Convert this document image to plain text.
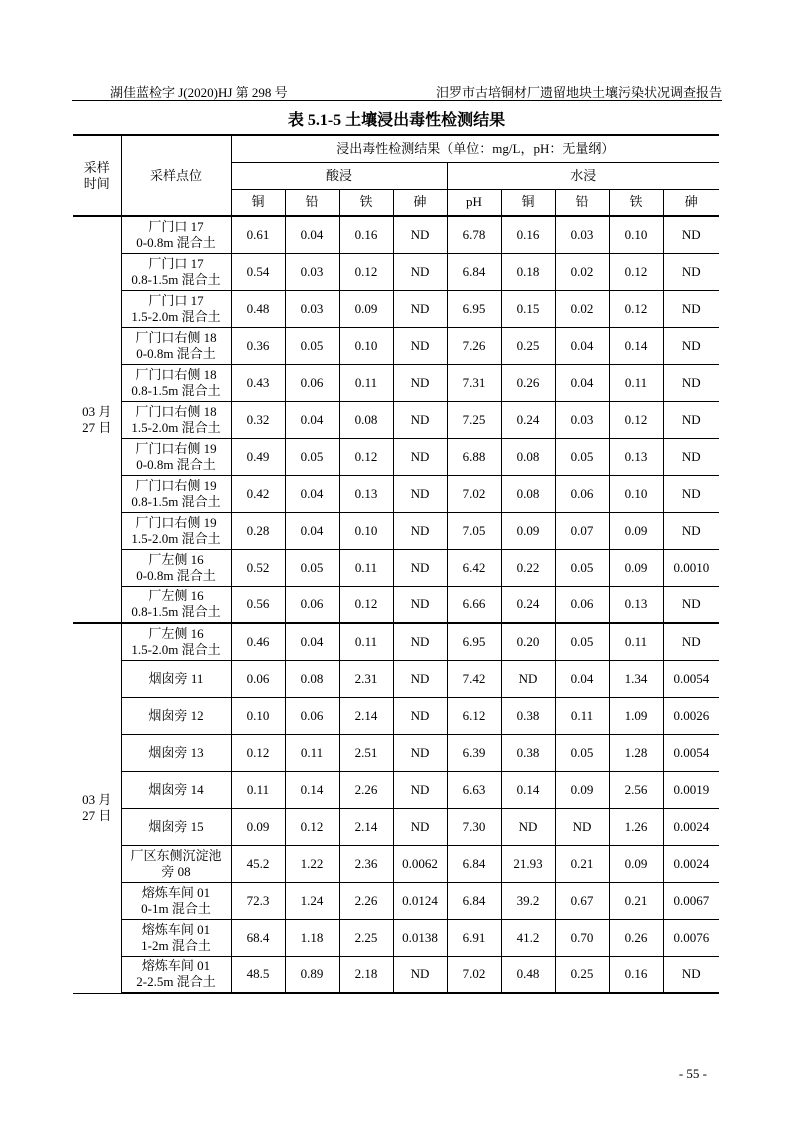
湖佳蓝检字 J(2020)HJ 第 298 号	汨罗市古培铜材厂遗留地块土壤污染状况调查报告
表 5.1-5 土壤浸出毒性检测结果
采样
时间	采样点位	浸出毒性检测结果（单位：mg/L，pH：无量纲）								
		酸浸				水浸				
		铜	铅	铁	砷	pH	铜	铅	铁	砷
03 月
27 日	厂门口 17
0-0.8m 混合土	0.61	0.04	0.16	ND	6.78	0.16	0.03	0.10	ND
	厂门口 17
0.8-1.5m 混合土	0.54	0.03	0.12	ND	6.84	0.18	0.02	0.12	ND
	厂门口 17
1.5-2.0m 混合土	0.48	0.03	0.09	ND	6.95	0.15	0.02	0.12	ND
	厂门口右侧 18
0-0.8m 混合土	0.36	0.05	0.10	ND	7.26	0.25	0.04	0.14	ND
	厂门口右侧 18
0.8-1.5m 混合土	0.43	0.06	0.11	ND	7.31	0.26	0.04	0.11	ND
	厂门口右侧 18
1.5-2.0m 混合土	0.32	0.04	0.08	ND	7.25	0.24	0.03	0.12	ND
	厂门口右侧 19
0-0.8m 混合土	0.49	0.05	0.12	ND	6.88	0.08	0.05	0.13	ND
	厂门口右侧 19
0.8-1.5m 混合土	0.42	0.04	0.13	ND	7.02	0.08	0.06	0.10	ND
	厂门口右侧 19
1.5-2.0m 混合土	0.28	0.04	0.10	ND	7.05	0.09	0.07	0.09	ND
	厂左侧 16
0-0.8m 混合土	0.52	0.05	0.11	ND	6.42	0.22	0.05	0.09	0.0010
	厂左侧 16
0.8-1.5m 混合土	0.56	0.06	0.12	ND	6.66	0.24	0.06	0.13	ND
03 月
27 日	厂左侧 16
1.5-2.0m 混合土	0.46	0.04	0.11	ND	6.95	0.20	0.05	0.11	ND
	烟囱旁 11	0.06	0.08	2.31	ND	7.42	ND	0.04	1.34	0.0054
	烟囱旁 12	0.10	0.06	2.14	ND	6.12	0.38	0.11	1.09	0.0026
	烟囱旁 13	0.12	0.11	2.51	ND	6.39	0.38	0.05	1.28	0.0054
	烟囱旁 14	0.11	0.14	2.26	ND	6.63	0.14	0.09	2.56	0.0019
	烟囱旁 15	0.09	0.12	2.14	ND	7.30	ND	ND	1.26	0.0024
	厂区东侧沉淀池
旁 08	45.2	1.22	2.36	0.0062	6.84	21.93	0.21	0.09	0.0024
	熔炼车间 01
0-1m 混合土	72.3	1.24	2.26	0.0124	6.84	39.2	0.67	0.21	0.0067
	熔炼车间 01
1-2m 混合土	68.4	1.18	2.25	0.0138	6.91	41.2	0.70	0.26	0.0076
	熔炼车间 01
2-2.5m 混合土	48.5	0.89	2.18	ND	7.02	0.48	0.25	0.16	ND
- 55 -
